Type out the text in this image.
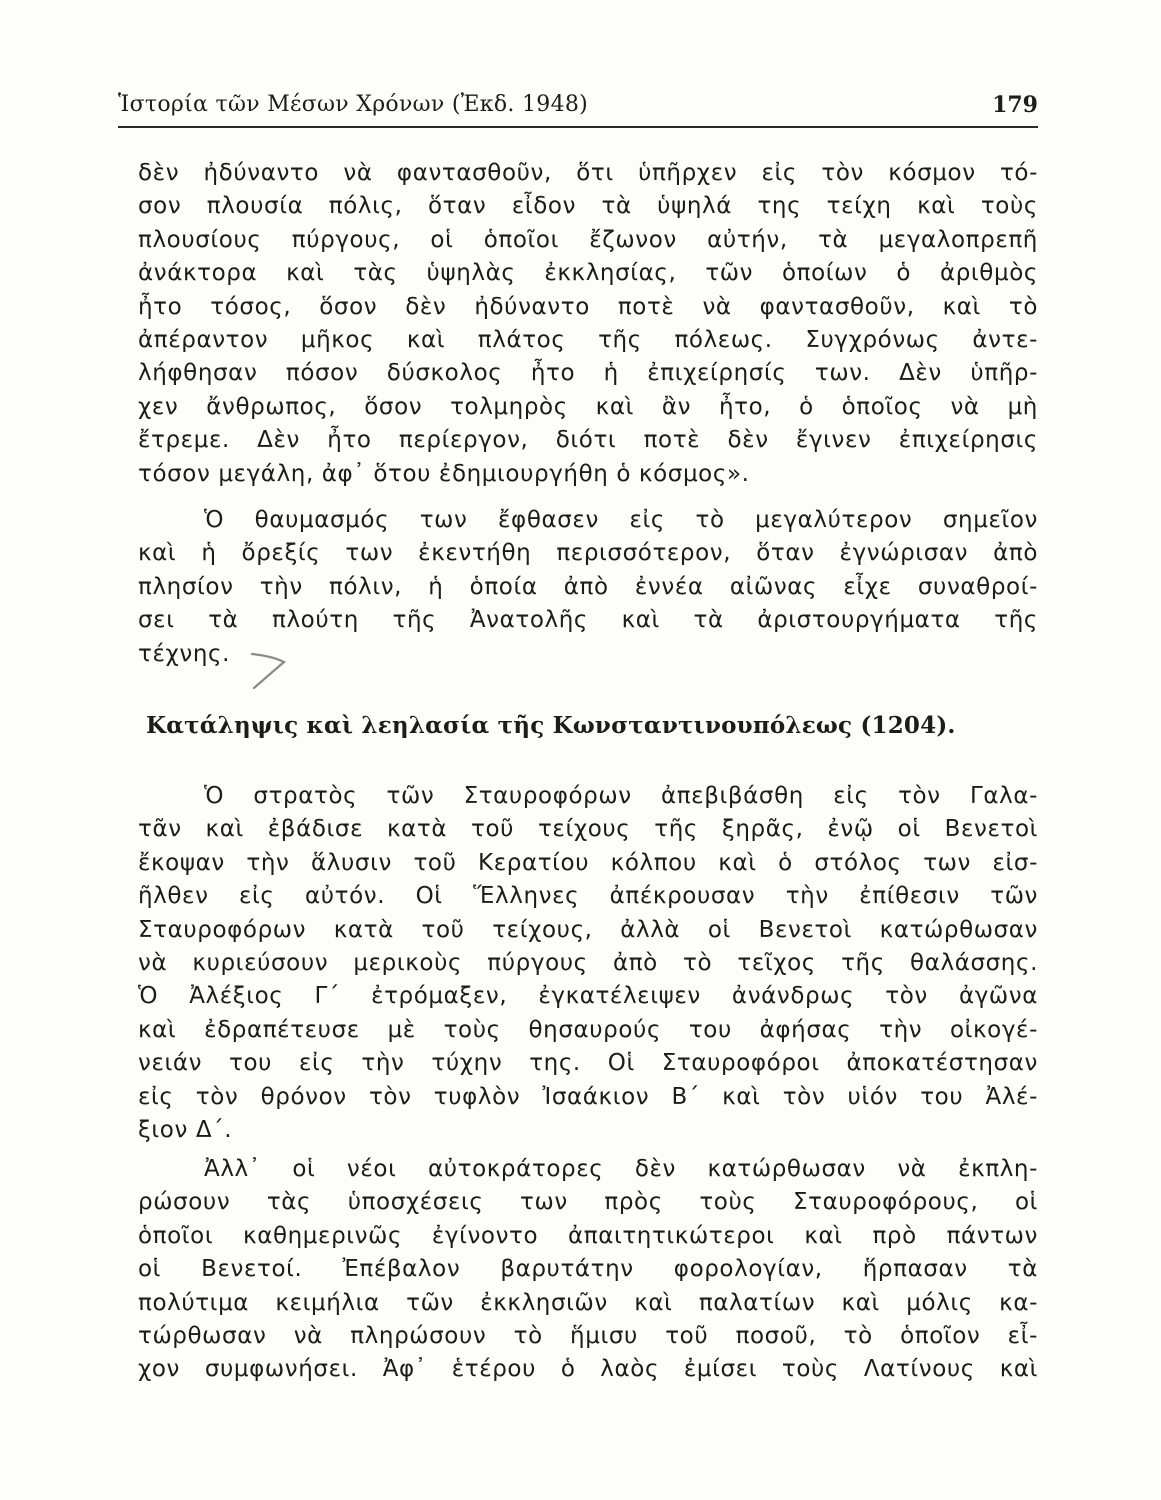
Ἱστορία τῶν Μέσων Χρόνων (Ἐκδ. 1948)	179
δὲν ἠδύναντο νὰ φαντασθοῦν, ὅτι ὑπῆρχεν εἰς τὸν κόσμον τό-
σον πλουσία πόλις, ὅταν εἶδον τὰ ὑψηλά της τείχη καὶ τοὺς
πλουσίους πύργους, οἱ ὁποῖοι ἔζωνον αὐτήν, τὰ μεγαλοπρεπῆ
ἀνάκτορα καὶ τὰς ὑψηλὰς ἐκκλησίας, τῶν ὁποίων ὁ ἀριθμὸς
ἦτο τόσος, ὅσον δὲν ἠδύναντο ποτὲ νὰ φαντασθοῦν, καὶ τὸ
ἀπέραντον μῆκος καὶ πλάτος τῆς πόλεως. Συγχρόνως ἀντε-
λήφθησαν πόσον δύσκολος ἦτο ἡ ἐπιχείρησίς των. Δὲν ὑπῆρ-
χεν ἄνθρωπος, ὅσον τολμηρὸς καὶ ἂν ἦτο, ὁ ὁποῖος νὰ μὴ
ἔτρεμε. Δὲν ἦτο περίεργον, διότι ποτὲ δὲν ἔγινεν ἐπιχείρησις
τόσον μεγάλη, ἀφ᾽ ὅτου ἐδημιουργήθη ὁ κόσμος».
Ὁ θαυμασμός των ἔφθασεν εἰς τὸ μεγαλύτερον σημεῖον
καὶ ἡ ὄρεξίς των ἐκεντήθη περισσότερον, ὅταν ἐγνώρισαν ἀπὸ
πλησίον τὴν πόλιν, ἡ ὁποία ἀπὸ ἐννέα αἰῶνας εἶχε συναθροί-
σει τὰ πλούτη τῆς Ἀνατολῆς καὶ τὰ ἀριστουργήματα τῆς
τέχνης.
Κατάληψις καὶ λεηλασία τῆς Κωνσταντινουπόλεως (1204).
Ὁ στρατὸς τῶν Σταυροφόρων ἀπεβιβάσθη εἰς τὸν Γαλα-
τᾶν καὶ ἐβάδισε κατὰ τοῦ τείχους τῆς ξηρᾶς, ἐνῷ οἱ Βενετοὶ
ἔκοψαν τὴν ἅλυσιν τοῦ Κερατίου κόλπου καὶ ὁ στόλος των εἰσ-
ῆλθεν εἰς αὐτόν. Οἱ Ἕλληνες ἀπέκρουσαν τὴν ἐπίθεσιν τῶν
Σταυροφόρων κατὰ τοῦ τείχους, ἀλλὰ οἱ Βενετοὶ κατώρθωσαν
νὰ κυριεύσουν μερικοὺς πύργους ἀπὸ τὸ τεῖχος τῆς θαλάσσης.
Ὁ Ἀλέξιος Γ΄ ἐτρόμαξεν, ἐγκατέλειψεν ἀνάνδρως τὸν ἀγῶνα
καὶ ἐδραπέτευσε μὲ τοὺς θησαυρούς του ἀφήσας τὴν οἰκογέ-
νειάν του εἰς τὴν τύχην της. Οἱ Σταυροφόροι ἀποκατέστησαν
εἰς τὸν θρόνον τὸν τυφλὸν Ἰσαάκιον Β΄ καὶ τὸν υἱόν του Ἀλέ-
ξιον Δ΄.
Ἀλλ᾽ οἱ νέοι αὐτοκράτορες δὲν κατώρθωσαν νὰ ἐκπλη-
ρώσουν τὰς ὑποσχέσεις των πρὸς τοὺς Σταυροφόρους, οἱ
ὁποῖοι καθημερινῶς ἐγίνοντο ἀπαιτητικώτεροι καὶ πρὸ πάντων
οἱ Βενετοί. Ἐπέβαλον βαρυτάτην φορολογίαν, ἥρπασαν τὰ
πολύτιμα κειμήλια τῶν ἐκκλησιῶν καὶ παλατίων καὶ μόλις κα-
τώρθωσαν νὰ πληρώσουν τὸ ἥμισυ τοῦ ποσοῦ, τὸ ὁποῖον εἶ-
χον συμφωνήσει. Ἀφ᾽ ἑτέρου ὁ λαὸς ἐμίσει τοὺς Λατίνους καὶ
